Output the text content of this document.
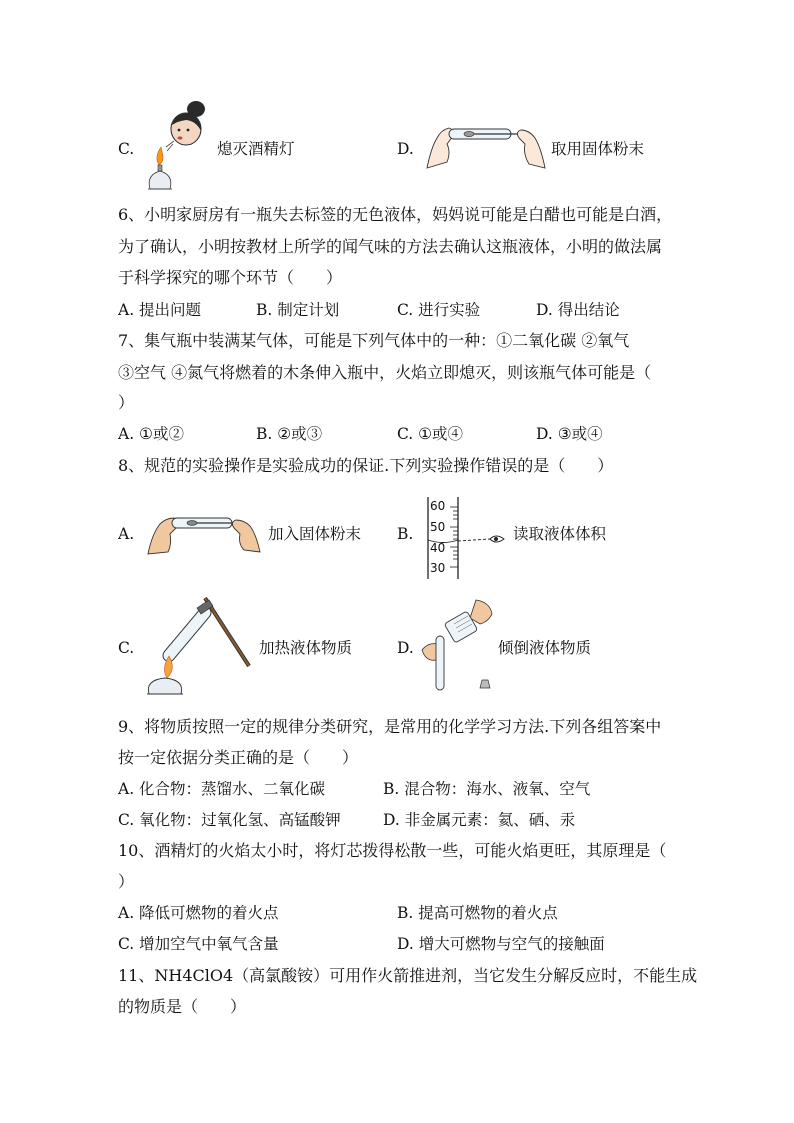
C.	熄灭酒精灯	D.	取用固体粉末
6、小明家厨房有一瓶失去标签的无色液体，妈妈说可能是白醋也可能是白酒，
为了确认，小明按教材上所学的闻气味的方法去确认这瓶液体，小明的做法属
于科学探究的哪个环节（　　）
A. 提出问题	B. 制定计划	C. 进行实验	D. 得出结论
7、集气瓶中装满某气体，可能是下列气体中的一种：①二氧化碳 ②氧气
③空气 ④氮气将燃着的木条伸入瓶中，火焰立即熄灭，则该瓶气体可能是（
）
A. ①或②	B. ②或③	C. ①或④	D. ③或④
8、规范的实验操作是实验成功的保证.下列实验操作错误的是（　　）
A.	加入固体粉末 B.
60
50
40
30
读取液体体积
C.	加热液体物质	D.	倾倒液体物质
9、将物质按照一定的规律分类研究，是常用的化学学习方法.下列各组答案中
按一定依据分类正确的是（　　）
A. 化合物：蒸馏水、二氧化碳	B. 混合物：海水、液氧、空气
C. 氧化物：过氧化氢、高锰酸钾	D. 非金属元素：氦、硒、汞
10、酒精灯的火焰太小时，将灯芯拨得松散一些，可能火焰更旺，其原理是（
）
A. 降低可燃物的着火点	B. 提高可燃物的着火点
C. 增加空气中氧气含量	D. 增大可燃物与空气的接触面
11、NH4ClO4（高氯酸铵）可用作火箭推进剂，当它发生分解反应时，不能生成
的物质是（　　）
